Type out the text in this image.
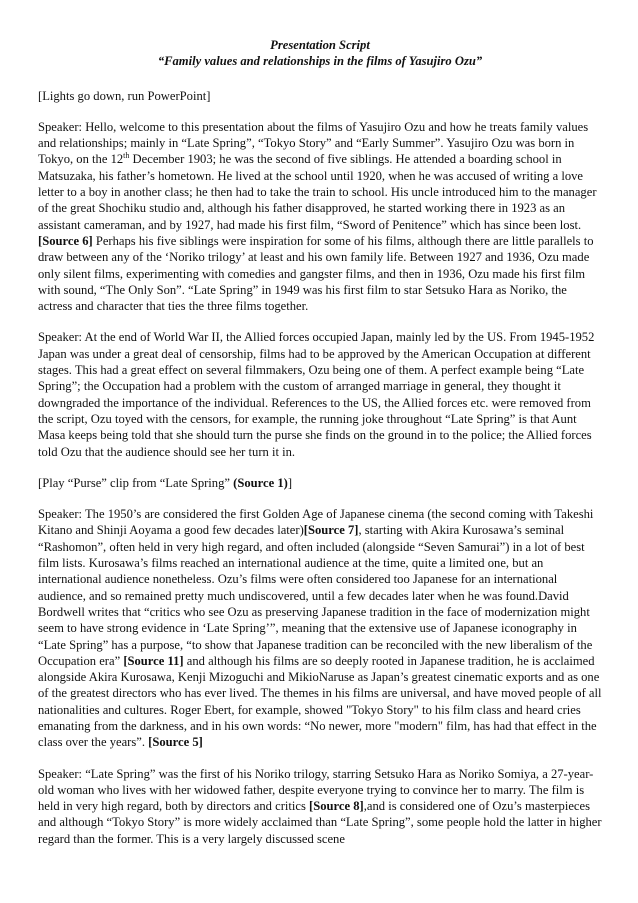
Presentation Script

“Family values and relationships in the films of Yasujiro Ozu”

[Lights go down, run PowerPoint]

Speaker: Hello, welcome to this presentation about the films of Yasujiro Ozu and how he treats family values and relationships; mainly in “Late Spring”, “Tokyo Story” and “Early Summer”. Yasujiro Ozu was born in Tokyo, on the 12th December 1903; he was the second of five siblings. He attended a boarding school in Matsuzaka, his father’s hometown. He lived at the school until 1920, when he was accused of writing a love letter to a boy in another class; he then had to take the train to school. His uncle introduced him to the manager of the great Shochiku studio and, although his father disapproved, he started working there in 1923 as an assistant cameraman, and by 1927, had made his first film, “Sword of Penitence” which has since been lost.[Source 6] Perhaps his five siblings were inspiration for some of his films, although there are little parallels to draw between any of the ‘Noriko trilogy’ at least and his own family life. Between 1927 and 1936, Ozu made only silent films, experimenting with comedies and gangster films, and then in 1936, Ozu made his first film with sound, “The Only Son”. “Late Spring” in 1949 was his first film to star Setsuko Hara as Noriko, the actress and character that ties the three films together.

Speaker: At the end of World War II, the Allied forces occupied Japan, mainly led by the US. From 1945-1952 Japan was under a great deal of censorship, films had to be approved by the American Occupation at different stages. This had a great effect on several filmmakers, Ozu being one of them. A perfect example being “Late Spring”; the Occupation had a problem with the custom of arranged marriage in general, they thought it downgraded the importance of the individual. References to the US, the Allied forces etc. were removed from the script, Ozu toyed with the censors, for example, the running joke throughout “Late Spring” is that Aunt Masa keeps being told that she should turn the purse she finds on the ground in to the police; the Allied forces told Ozu that the audience should see her turn it in.

[Play “Purse” clip from “Late Spring” (Source 1)]

Speaker: The 1950’s are considered the first Golden Age of Japanese cinema (the second coming with Takeshi Kitano and Shinji Aoyama a good few decades later)[Source 7], starting with Akira Kurosawa’s seminal “Rashomon”, often held in very high regard, and often included (alongside “Seven Samurai”) in a lot of best film lists. Kurosawa’s films reached an international audience at the time, quite a limited one, but an international audience nonetheless. Ozu’s films were often considered too Japanese for an international audience, and so remained pretty much undiscovered, until a few decades later when he was found.David Bordwell writes that “critics who see Ozu as preserving Japanese tradition in the face of modernization might seem to have strong evidence in ‘Late Spring’”, meaning that the extensive use of Japanese iconography in “Late Spring” has a purpose, “to show that Japanese tradition can be reconciled with the new liberalism of the Occupation era” [Source 11] and although his films are so deeply rooted in Japanese tradition, he is acclaimed alongside Akira Kurosawa, Kenji Mizoguchi and MikioNaruse as Japan’s greatest cinematic exports and as one of the greatest directors who has ever lived. The themes in his films are universal, and have moved people of all nationalities and cultures. Roger Ebert, for example, showed "Tokyo Story" to his film class and heard cries emanating from the darkness, and in his own words: “No newer, more "modern" film, has had that effect in the class over the years”. [Source 5]

Speaker: “Late Spring” was the first of his Noriko trilogy, starring Setsuko Hara as Noriko Somiya, a 27-year-old woman who lives with her widowed father, despite everyone trying to convince her to marry. The film is held in very high regard, both by directors and critics [Source 8],and is considered one of Ozu’s masterpieces and although “Tokyo Story” is more widely acclaimed than “Late Spring”, some people hold the latter in higher regard than the former. This is a very largely discussed scene
